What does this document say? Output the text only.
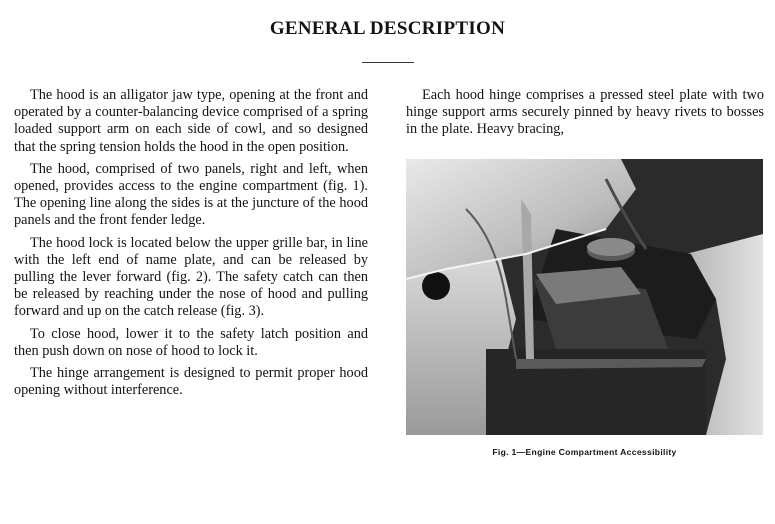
GENERAL DESCRIPTION

The hood is an alligator jaw type, opening at the front and operated by a counter-balancing device comprised of a spring loaded support arm on each side of cowl, and so designed that the spring tension holds the hood in the open position.

The hood, comprised of two panels, right and left, when opened, provides access to the engine compartment (fig. 1). The opening line along the sides is at the juncture of the hood panels and the front fender ledge.

The hood lock is located below the upper grille bar, in line with the left end of name plate, and can be released by pulling the lever forward (fig. 2). The safety catch can then be released by reaching under the nose of hood and pulling forward and up on the catch release (fig. 3).

To close hood, lower it to the safety latch position and then push down on nose of hood to lock it.

The hinge arrangement is designed to permit proper hood opening without interference.

Each hood hinge comprises a pressed steel plate with two hinge support arms securely pinned by heavy rivets to bosses in the plate. Heavy bracing,

Fig. 1—Engine Compartment Accessibility
